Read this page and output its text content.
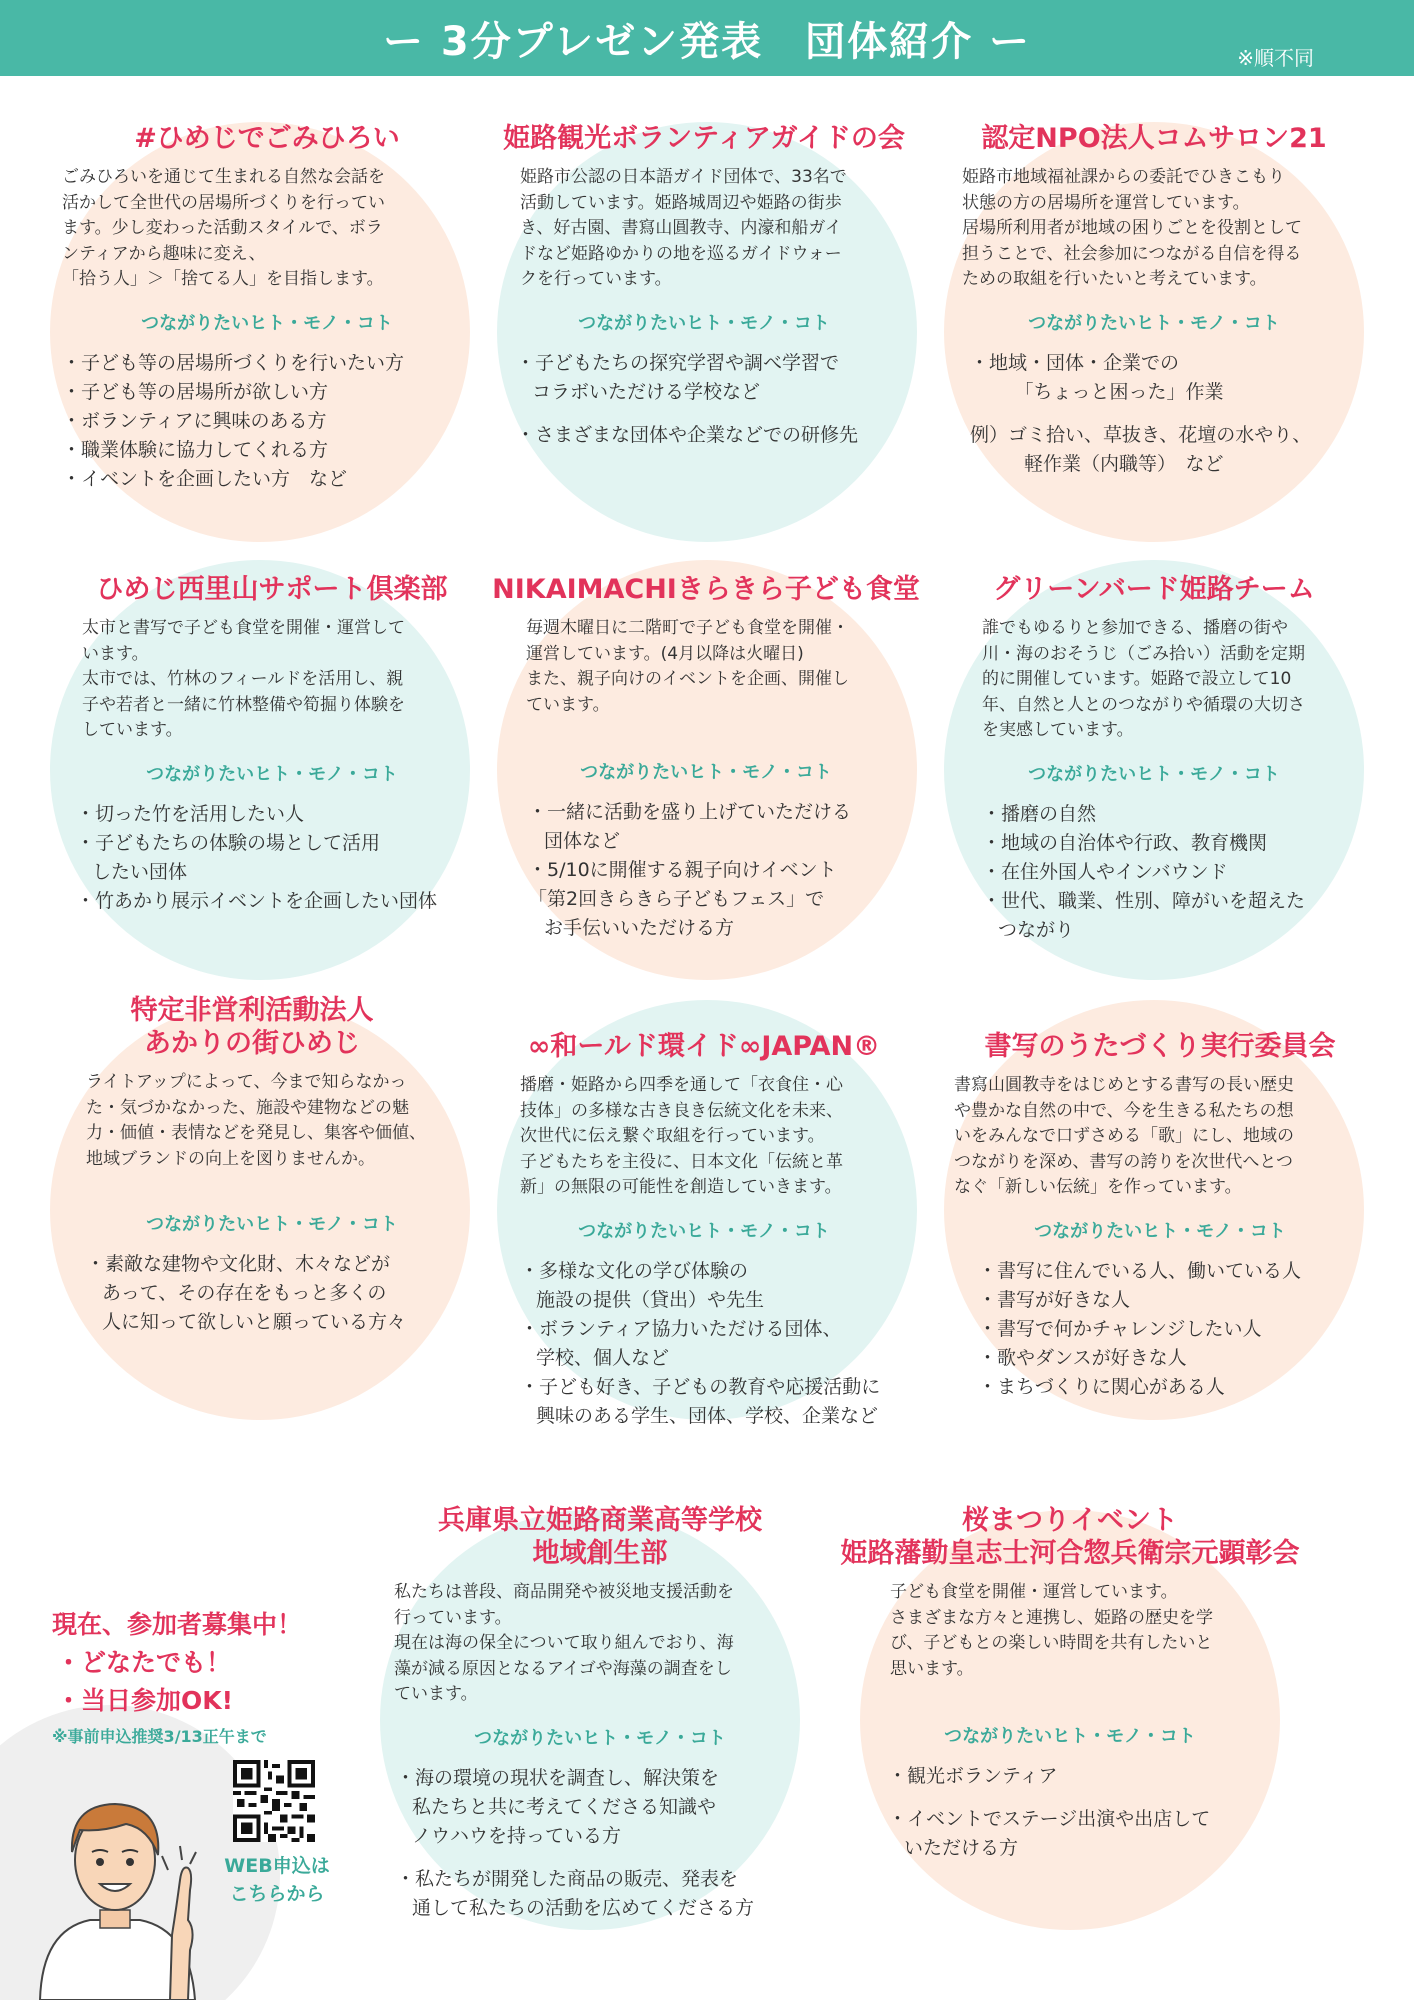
ー 3分プレゼン発表　団体紹介 ー	※順不同
#ひめじでごみひろい
ごみひろいを通じて生まれる自然な会話を
活かして全世代の居場所づくりを行ってい
ます。少し変わった活動スタイルで、ボラ
ンティアから趣味に変え、
「拾う人」＞「捨てる人」を目指します。
つながりたいヒト・モノ・コト
・子ども等の居場所づくりを行いたい方
・子ども等の居場所が欲しい方
・ボランティアに興味のある方
・職業体験に協力してくれる方
・イベントを企画したい方　など
姫路観光ボランティアガイドの会
姫路市公認の日本語ガイド団体で、33名で
活動しています。姫路城周辺や姫路の街歩
き、好古園、書寫山圓教寺、内濠和船ガイ
ドなど姫路ゆかりの地を巡るガイドウォー
クを行っています。
つながりたいヒト・モノ・コト
・子どもたちの探究学習や調べ学習で
コラボいただける学校など
・さまざまな団体や企業などでの研修先
認定NPO法人コムサロン21
姫路市地域福祉課からの委託でひきこもり
状態の方の居場所を運営しています。
居場所利用者が地域の困りごとを役割として
担うことで、社会参加につながる自信を得る
ための取組を行いたいと考えています。
つながりたいヒト・モノ・コト
・地域・団体・企業での
　　「ちょっと困った」作業
例）ゴミ拾い、草抜き、花壇の水やり、
　　軽作業（内職等）　など
ひめじ西里山サポート倶楽部
太市と書写で子ども食堂を開催・運営して
います。
太市では、竹林のフィールドを活用し、親
子や若者と一緒に竹林整備や筍掘り体験を
しています。
つながりたいヒト・モノ・コト
・切った竹を活用したい人
・子どもたちの体験の場として活用
したい団体
・竹あかり展示イベントを企画したい団体
NIKAIMACHIきらきら子ども食堂
毎週木曜日に二階町で子ども食堂を開催・
運営しています。(4月以降は火曜日)
また、親子向けのイベントを企画、開催し
ています。
つながりたいヒト・モノ・コト
・一緒に活動を盛り上げていただける
団体など
・5/10に開催する親子向けイベント
「第2回きらきら子どもフェス」で
お手伝いいただける方
グリーンバード姫路チーム
誰でもゆるりと参加できる、播磨の街や
川・海のおそうじ（ごみ拾い）活動を定期
的に開催しています。姫路で設立して10
年、自然と人とのつながりや循環の大切さ
を実感しています。
つながりたいヒト・モノ・コト
・播磨の自然
・地域の自治体や行政、教育機関
・在住外国人やインバウンド
・世代、職業、性別、障がいを超えた
つながり
特定非営利活動法人
あかりの街ひめじ
ライトアップによって、今まで知らなかっ
た・気づかなかった、施設や建物などの魅
力・価値・表情などを発見し、集客や価値、
地域ブランドの向上を図りませんか。
つながりたいヒト・モノ・コト
・素敵な建物や文化財、木々などが
あって、その存在をもっと多くの
人に知って欲しいと願っている方々
∞和ールド環イド∞JAPAN®
播磨・姫路から四季を通して「衣食住・心
技体」の多様な古き良き伝統文化を未来、
次世代に伝え繋ぐ取組を行っています。
子どもたちを主役に、日本文化「伝統と革
新」の無限の可能性を創造していきます。
つながりたいヒト・モノ・コト
・多様な文化の学び体験の
施設の提供（貸出）や先生
・ボランティア協力いただける団体、
学校、個人など
・子ども好き、子どもの教育や応援活動に
興味のある学生、団体、学校、企業など
書写のうたづくり実行委員会
書寫山圓教寺をはじめとする書写の長い歴史
や豊かな自然の中で、今を生きる私たちの想
いをみんなで口ずさめる「歌」にし、地域の
つながりを深め、書写の誇りを次世代へとつ
なぐ「新しい伝統」を作っています。
つながりたいヒト・モノ・コト
・書写に住んでいる人、働いている人
・書写が好きな人
・書写で何かチャレンジしたい人
・歌やダンスが好きな人
・まちづくりに関心がある人
兵庫県立姫路商業高等学校
地域創生部
私たちは普段、商品開発や被災地支援活動を
行っています。
現在は海の保全について取り組んでおり、海
藻が減る原因となるアイゴや海藻の調査をし
ています。
つながりたいヒト・モノ・コト
・海の環境の現状を調査し、解決策を
私たちと共に考えてくださる知識や
ノウハウを持っている方
・私たちが開発した商品の販売、発表を
通して私たちの活動を広めてくださる方
桜まつりイベント
姫路藩勤皇志士河合惣兵衛宗元顕彰会
子ども食堂を開催・運営しています。
さまざまな方々と連携し、姫路の歴史を学
び、子どもとの楽しい時間を共有したいと
思います。
つながりたいヒト・モノ・コト
・観光ボランティア
・イベントでステージ出演や出店して
いただける方
現在、参加者募集中！
・どなたでも！
・当日参加OK!
※事前申込推奨3/13正午まで
WEB申込は
こちらから
